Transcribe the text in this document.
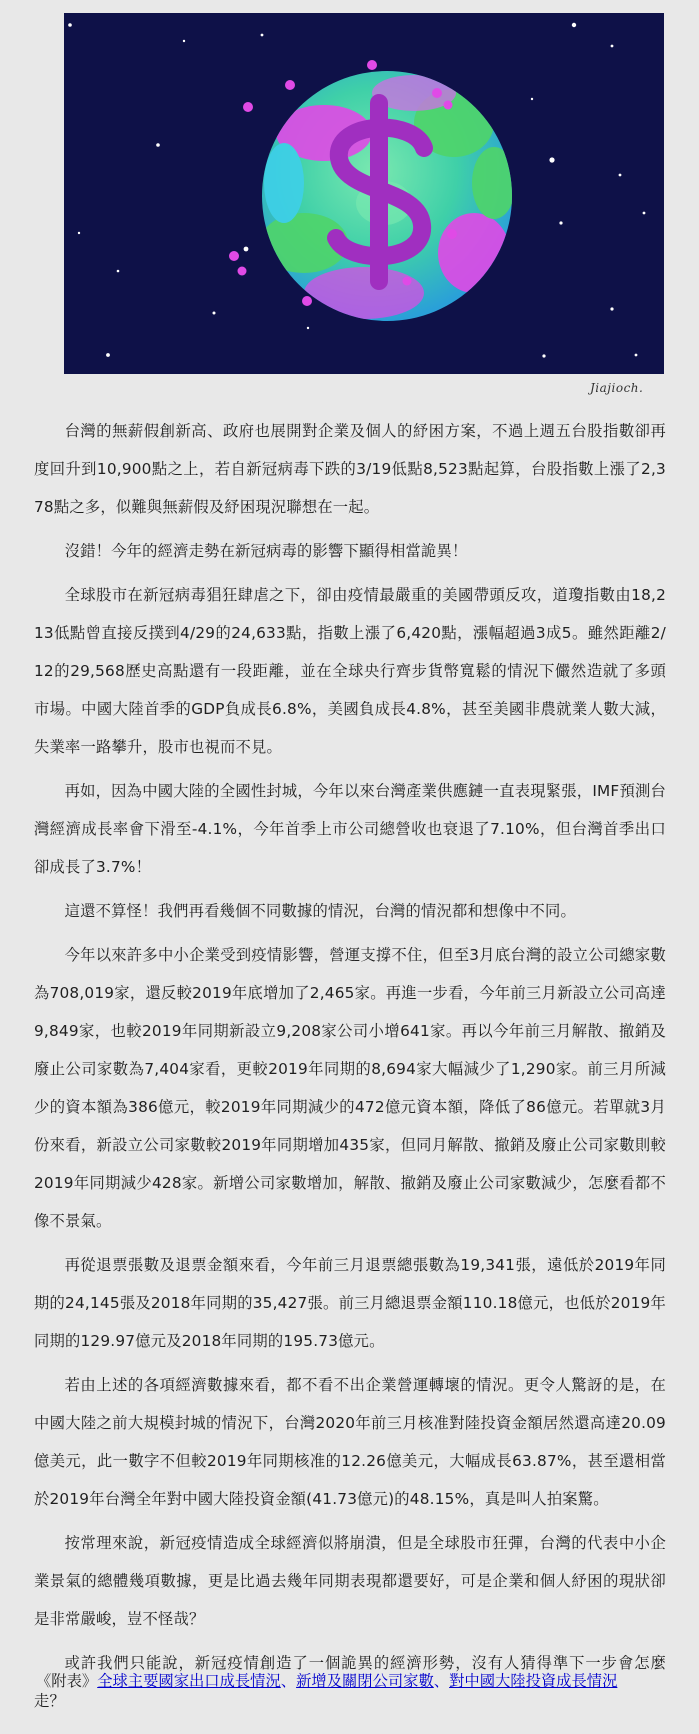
Jiajioch.

台灣的無薪假創新高、政府也展開對企業及個人的紓困方案，不過上週五台股指數卻再度回升到10,900點之上，若自新冠病毒下跌的3/19低點8,523點起算，台股指數上漲了2,378點之多，似難與無薪假及紓困現況聯想在一起。

沒錯！今年的經濟走勢在新冠病毒的影響下顯得相當詭異！

全球股市在新冠病毒猖狂肆虐之下，卻由疫情最嚴重的美國帶頭反攻，道瓊指數由18,213低點曾直接反撲到4/29的24,633點，指數上漲了6,420點，漲幅超過3成5。雖然距離2/12的29,568歷史高點還有一段距離，並在全球央行齊步貨幣寬鬆的情況下儼然造就了多頭市場。中國大陸首季的GDP負成長6.8%，美國負成長4.8%，甚至美國非農就業人數大減，失業率一路攀升，股市也視而不見。

再如，因為中國大陸的全國性封城，今年以來台灣產業供應鏈一直表現緊張，IMF預測台灣經濟成長率會下滑至-4.1%，今年首季上市公司總營收也衰退了7.10%，但台灣首季出口卻成長了3.7%！

這還不算怪！我們再看幾個不同數據的情況，台灣的情況都和想像中不同。

今年以來許多中小企業受到疫情影響，營運支撐不住，但至3月底台灣的設立公司總家數為708,019家，還反較2019年底增加了2,465家。再進一步看，今年前三月新設立公司高達9,849家，也較2019年同期新設立9,208家公司小增641家。再以今年前三月解散、撤銷及廢止公司家數為7,404家看，更較2019年同期的8,694家大幅減少了1,290家。前三月所減少的資本額為386億元，較2019年同期減少的472億元資本額，降低了86億元。若單就3月份來看，新設立公司家數較2019年同期增加435家，但同月解散、撤銷及廢止公司家數則較2019年同期減少428家。新增公司家數增加，解散、撤銷及廢止公司家數減少，怎麼看都不像不景氣。

再從退票張數及退票金額來看，今年前三月退票總張數為19,341張，遠低於2019年同期的24,145張及2018年同期的35,427張。前三月總退票金額110.18億元，也低於2019年同期的129.97億元及2018年同期的195.73億元。

若由上述的各項經濟數據來看，都不看不出企業營運轉壞的情況。更令人驚訝的是，在中國大陸之前大規模封城的情況下，台灣2020年前三月核准對陸投資金額居然還高達20.09億美元，此一數字不但較2019年同期核准的12.26億美元，大幅成長63.87%，甚至還相當於2019年台灣全年對中國大陸投資金額(41.73億元)的48.15%，真是叫人拍案驚。

按常理來說，新冠疫情造成全球經濟似將崩潰，但是全球股市狂彈，台灣的代表中小企業景氣的總體幾項數據，更是比過去幾年同期表現都還要好，可是企業和個人紓困的現狀卻是非常嚴峻，豈不怪哉？

或許我們只能說，新冠疫情創造了一個詭異的經濟形勢，沒有人猜得準下一步會怎麼走？

《附表》全球主要國家出口成長情況、新增及關閉公司家數、對中國大陸投資成長情況
